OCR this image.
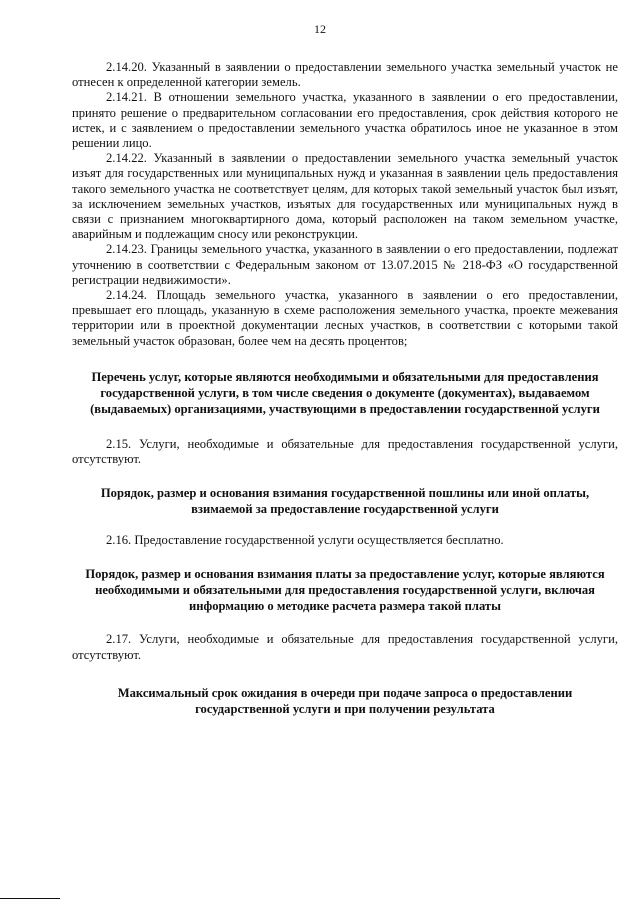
12

2.14.20. Указанный в заявлении о предоставлении земельного участка земельный участок не отнесен к определенной категории земель.

2.14.21. В отношении земельного участка, указанного в заявлении о его предоставлении, принято решение о предварительном согласовании его предоставления, срок действия которого не истек, и с заявлением о предоставлении земельного участка обратилось иное не указанное в этом решении лицо.

2.14.22. Указанный в заявлении о предоставлении земельного участка земельный участок изъят для государственных или муниципальных нужд и указанная в заявлении цель предоставления такого земельного участка не соответствует целям, для которых такой земельный участок был изъят, за исключением земельных участков, изъятых для государственных или муниципальных нужд в связи с признанием многоквартирного дома, который расположен на таком земельном участке, аварийным и подлежащим сносу или реконструкции.

2.14.23. Границы земельного участка, указанного в заявлении о его предоставлении, подлежат уточнению в соответствии с Федеральным законом от 13.07.2015 № 218-ФЗ «О государственной регистрации недвижимости».

2.14.24. Площадь земельного участка, указанного в заявлении о его предоставлении, превышает его площадь, указанную в схеме расположения земельного участка, проекте межевания территории или в проектной документации лесных участков, в соответствии с которыми такой земельный участок образован, более чем на десять процентов;

Перечень услуг, которые являются необходимыми и обязательными для предоставления государственной услуги, в том числе сведения о документе (документах), выдаваемом (выдаваемых) организациями, участвующими в предоставлении государственной услуги

2.15. Услуги, необходимые и обязательные для предоставления государственной услуги, отсутствуют.

Порядок, размер и основания взимания государственной пошлины или иной оплаты, взимаемой за предоставление государственной услуги

2.16. Предоставление государственной услуги осуществляется бесплатно.

Порядок, размер и основания взимания платы за предоставление услуг, которые являются необходимыми и обязательными для предоставления государственной услуги, включая информацию о методике расчета размера такой платы

2.17. Услуги, необходимые и обязательные для предоставления государственной услуги, отсутствуют.

Максимальный срок ожидания в очереди при подаче запроса о предоставлении государственной услуги и при получении результата
